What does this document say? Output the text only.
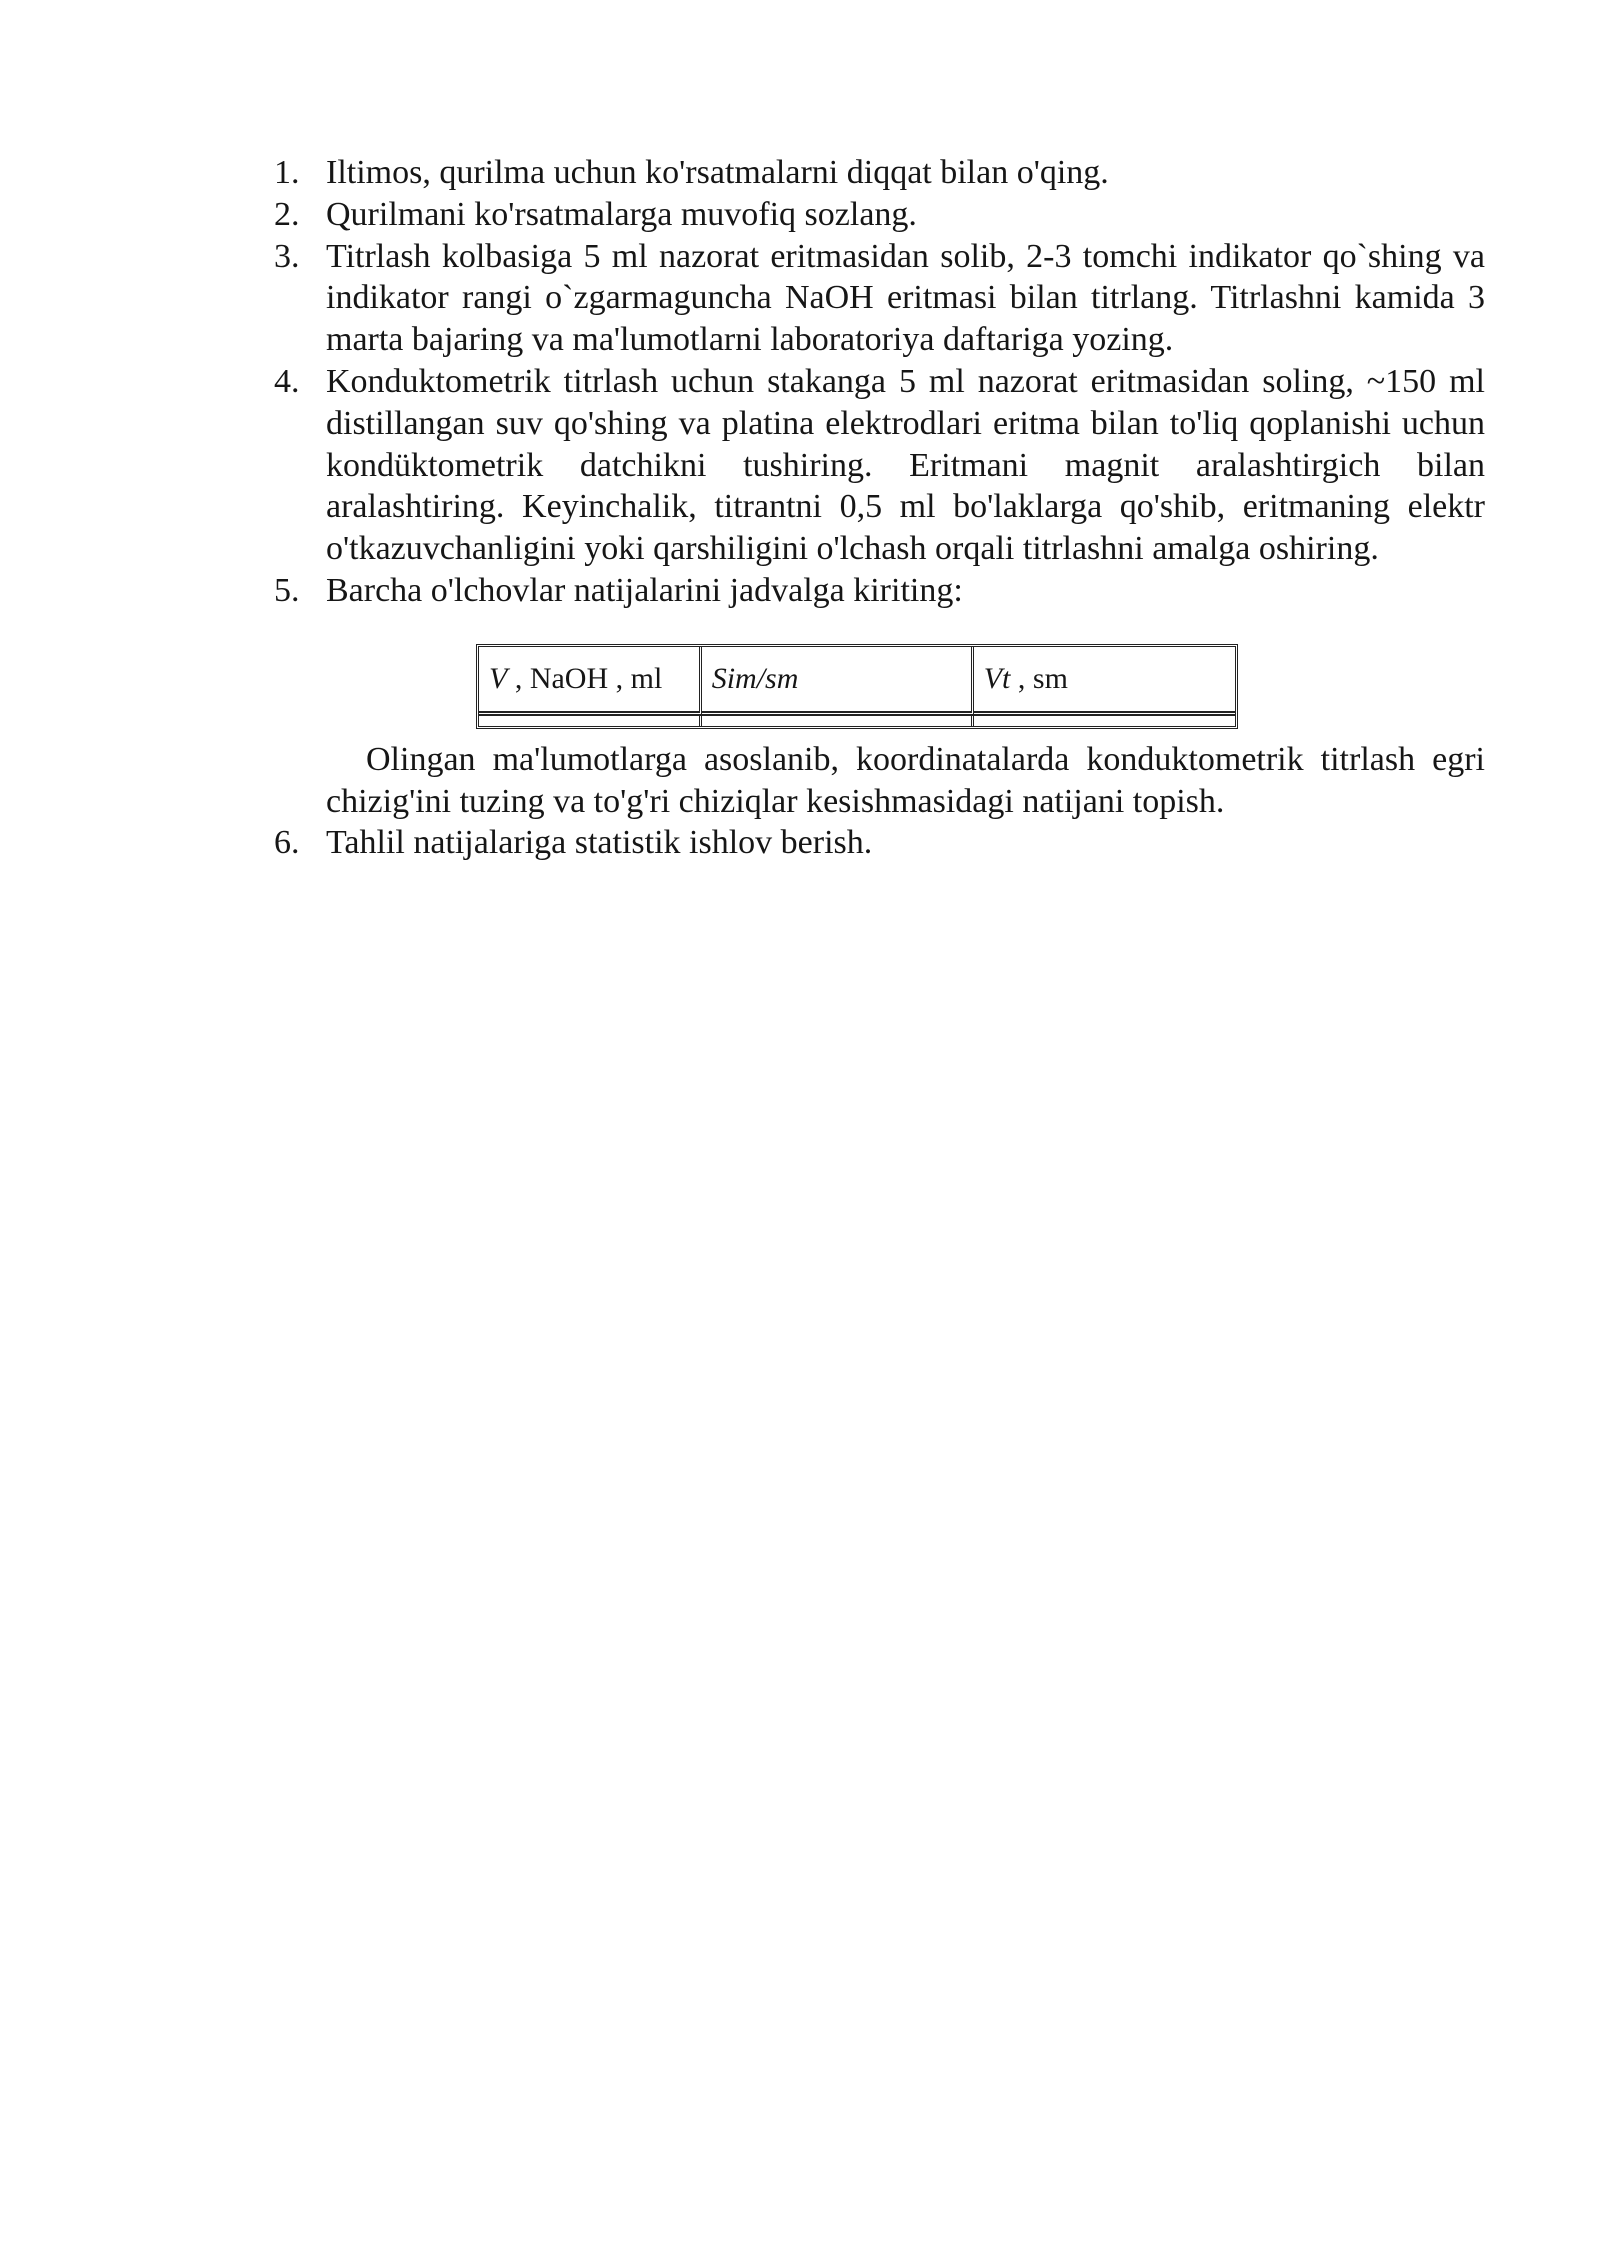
1. Iltimos, qurilma uchun ko'rsatmalarni diqqat bilan o'qing.
2. Qurilmani ko'rsatmalarga muvofiq sozlang.
3. Titrlash kolbasiga 5 ml nazorat eritmasidan solib, 2-3 tomchi indikator qo`shing va indikator rangi o`zgarmaguncha NaOH eritmasi bilan titrlang. Titrlashni kamida 3 marta bajaring va ma'lumotlarni laboratoriya daftariga yozing.
4. Konduktometrik titrlash uchun stakanga 5 ml nazorat eritmasidan soling, ~150 ml distillangan suv qo'shing va platina elektrodlari eritma bilan to'liq qoplanishi uchun kondüktometrik datchikni tushiring. Eritmani magnit aralashtirgich bilan aralashtiring. Keyinchalik, titrantni 0,5 ml bo'laklarga qo'shib, eritmaning elektr o'tkazuvchanligini yoki qarshiligini o'lchash orqali titrlashni amalga oshiring.
5. Barcha o'lchovlar natijalarini jadvalga kiriting:
V , NaOH , ml	Sim/sm	Vt , sm

Olingan ma'lumotlarga asoslanib, koordinatalarda konduktometrik titrlash egri chizig'ini tuzing va to'g'ri chiziqlar kesishmasidagi natijani topish.

6. Tahlil natijalariga statistik ishlov berish.
